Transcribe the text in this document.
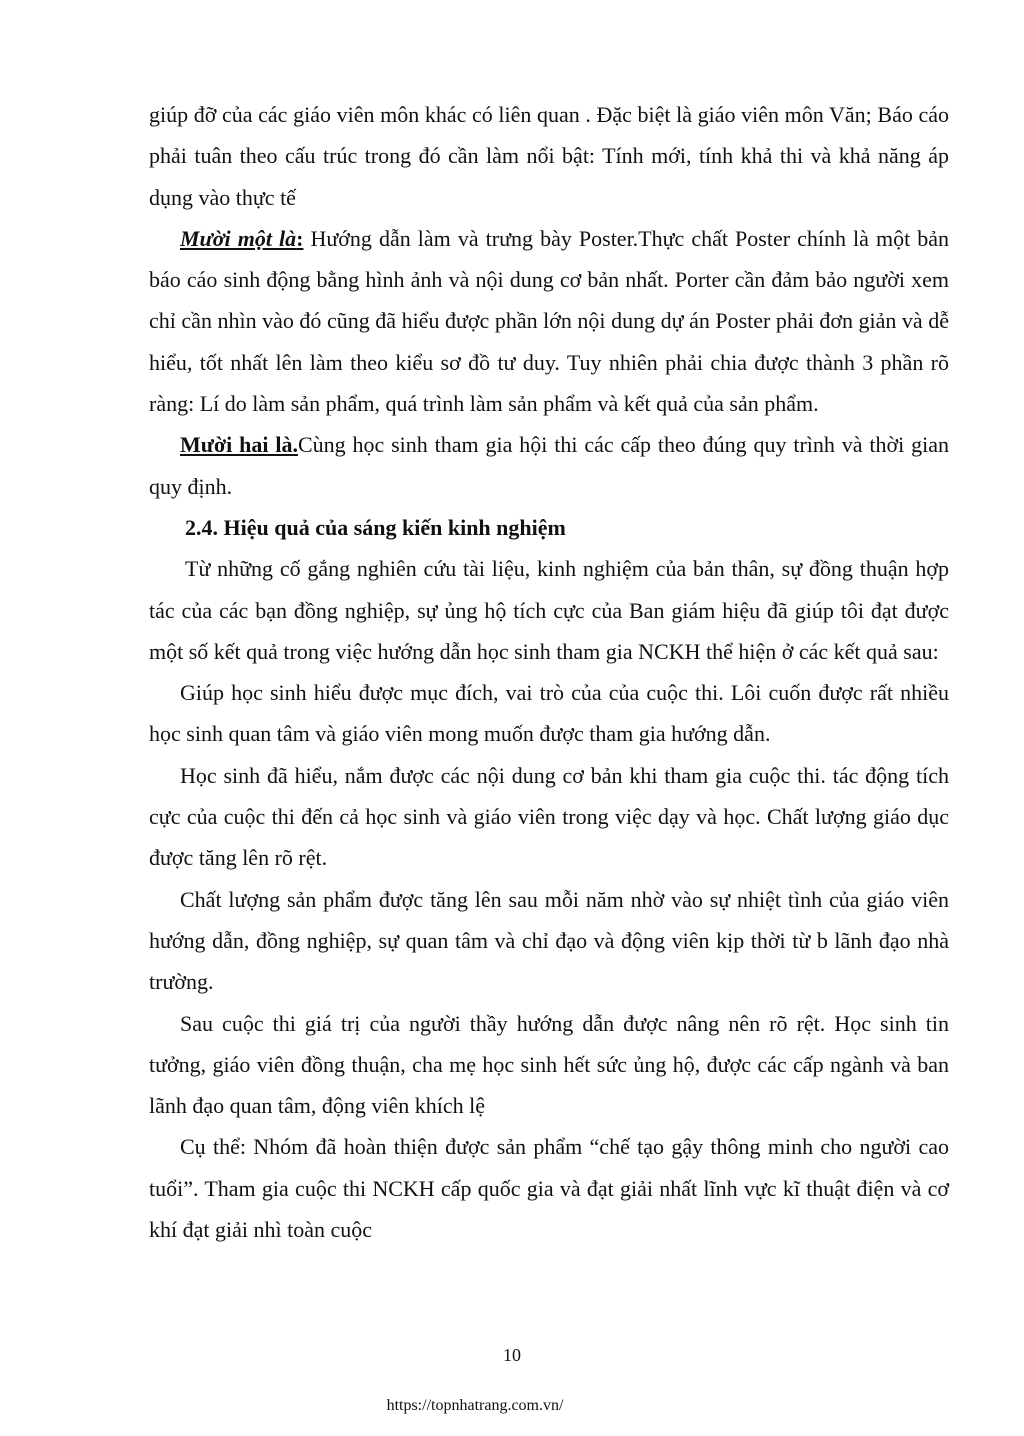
giúp đỡ của các giáo viên môn khác có liên quan . Đặc biệt là giáo viên môn Văn; Báo cáo phải tuân theo cấu trúc trong đó cần làm nổi bật: Tính mới, tính khả thi và khả năng áp dụng vào thực tế

Mười một là: Hướng dẫn làm và trưng bày Poster.Thực chất Poster chính là một bản báo cáo sinh động bằng hình ảnh và nội dung cơ bản nhất. Porter cần đảm bảo người xem chỉ cần nhìn vào đó cũng đã hiểu được phần lớn nội dung dự án Poster phải đơn giản và dễ hiểu, tốt nhất lên làm theo kiểu sơ đồ tư duy. Tuy nhiên phải chia được thành 3 phần rõ ràng: Lí do làm sản phẩm, quá trình làm sản phẩm và kết quả của sản phẩm.

Mười hai là.Cùng học sinh tham gia hội thi các cấp theo đúng quy trình và thời gian quy định.

2.4. Hiệu quả của sáng kiến kinh nghiệm

Từ những cố gắng nghiên cứu tài liệu, kinh nghiệm của bản thân, sự đồng thuận hợp tác của các bạn đồng nghiệp, sự ủng hộ tích cực của Ban giám hiệu đã giúp tôi đạt được một số kết quả trong việc hướng dẫn học sinh tham gia NCKH thể hiện ở các kết quả sau:

Giúp học sinh hiểu được mục đích, vai trò của của cuộc thi. Lôi cuốn được rất nhiều học sinh quan tâm và giáo viên mong muốn được tham gia hướng dẫn.

Học sinh đã hiểu, nắm được các nội dung cơ bản khi tham gia cuộc thi. tác động tích cực của cuộc thi đến cả học sinh và giáo viên trong việc dạy và học. Chất lượng giáo dục được tăng lên rõ rệt.

Chất lượng sản phẩm được tăng lên sau mỗi năm nhờ vào sự nhiệt tình của giáo viên hướng dẫn, đồng nghiệp, sự quan tâm và chỉ đạo và động viên kịp thời từ b lãnh đạo nhà trường.

Sau cuộc thi giá trị của người thầy hướng dẫn được nâng nên rõ rệt. Học sinh tin tưởng, giáo viên đồng thuận, cha mẹ học sinh hết sức ủng hộ, được các cấp ngành và ban lãnh đạo quan tâm, động viên khích lệ

Cụ thể: Nhóm đã hoàn thiện được sản phẩm “chế tạo gậy thông minh cho người cao tuổi”. Tham gia cuộc thi NCKH cấp quốc gia và đạt giải nhất lĩnh vực kĩ thuật điện và cơ khí đạt giải nhì toàn cuộc

10
https://topnhatrang.com.vn/
